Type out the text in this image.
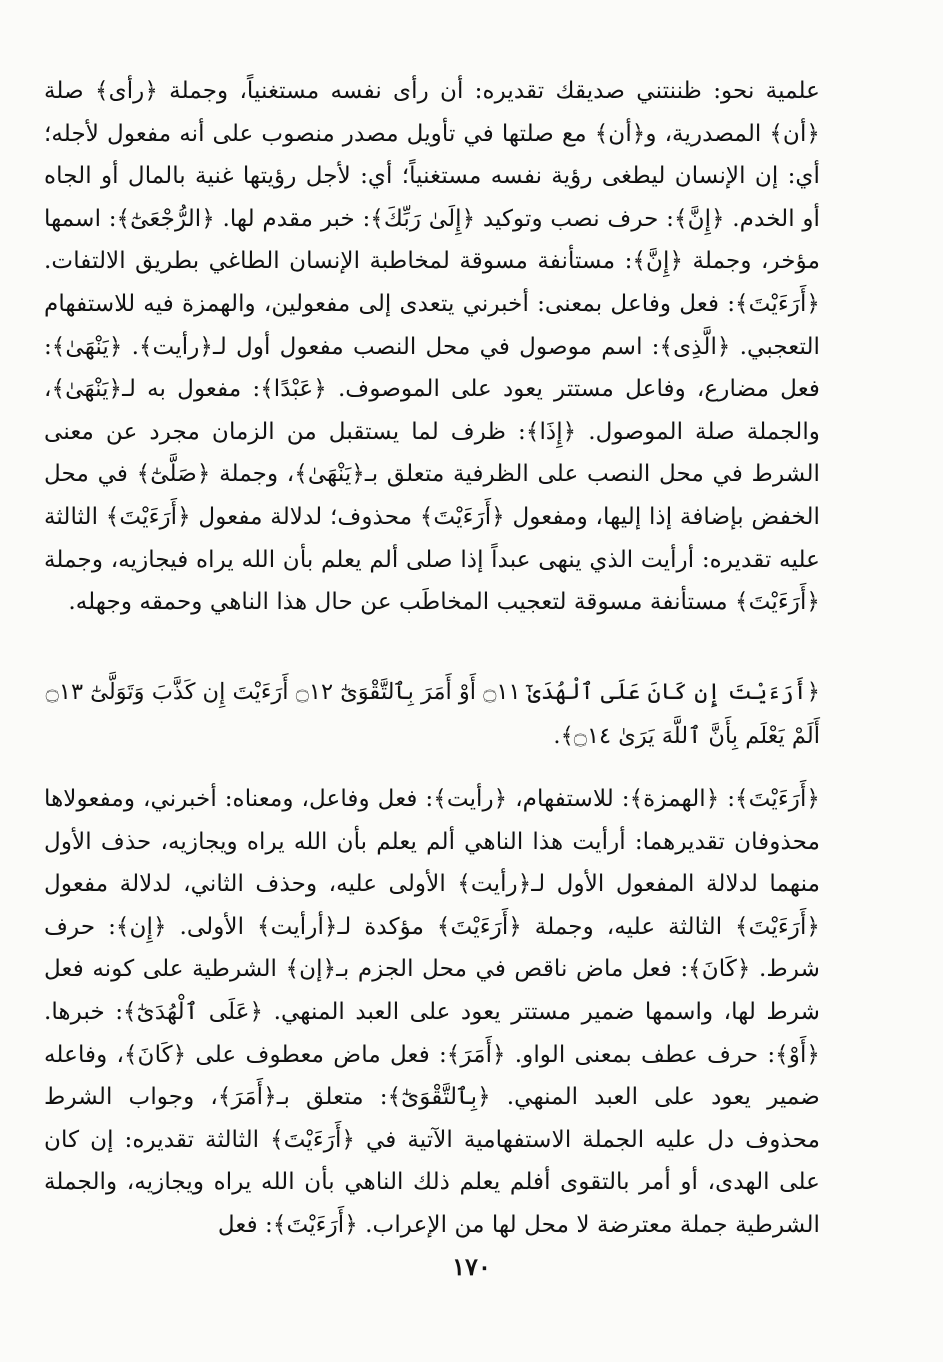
علمية نحو: ظننتني صديقك تقديره: أن رأى نفسه مستغنياً، وجملة ﴿رأى﴾ صلة ﴿أن﴾ المصدرية، و﴿أن﴾ مع صلتها في تأويل مصدر منصوب على أنه مفعول لأجله؛ أي: إن الإنسان ليطغى رؤية نفسه مستغنياً؛ أي: لأجل رؤيتها غنية بالمال أو الجاه أو الخدم. ﴿إِنَّ﴾: حرف نصب وتوكيد ﴿إِلَىٰ رَبِّكَ﴾: خبر مقدم لها. ﴿الرُّجْعَىٰٓ﴾: اسمها مؤخر، وجملة ﴿إِنَّ﴾: مستأنفة مسوقة لمخاطبة الإنسان الطاغي بطريق الالتفات. ﴿أَرَءَيْتَ﴾: فعل وفاعل بمعنى: أخبرني يتعدى إلى مفعولين، والهمزة فيه للاستفهام التعجبي. ﴿الَّذِى﴾: اسم موصول في محل النصب مفعول أول لـ﴿رأيت﴾. ﴿يَنْهَىٰ﴾: فعل مضارع، وفاعل مستتر يعود على الموصوف. ﴿عَبْدًا﴾: مفعول به لـ﴿يَنْهَىٰ﴾، والجملة صلة الموصول. ﴿إِذَا﴾: ظرف لما يستقبل من الزمان مجرد عن معنى الشرط في محل النصب على الظرفية متعلق بـ﴿يَنْهَىٰ﴾، وجملة ﴿صَلَّىٰٓ﴾ في محل الخفض بإضافة إذا إليها، ومفعول ﴿أَرَءَيْتَ﴾ محذوف؛ لدلالة مفعول ﴿أَرَءَيْتَ﴾ الثالثة عليه تقديره: أرأيت الذي ينهى عبداً إذا صلى ألم يعلم بأن الله يراه فيجازيه، وجملة ﴿أَرَءَيْتَ﴾ مستأنفة مسوقة لتعجيب المخاطَب عن حال هذا الناهي وحمقه وجهله.

﴿أَرَءَيْتَ إِن كَانَ عَلَى ٱلْهُدَىٰٓ ۝١١ أَوْ أَمَرَ بِٱلتَّقْوَىٰٓ ۝١٢ أَرَءَيْتَ إِن كَذَّبَ وَتَوَلَّىٰٓ ۝١٣ أَلَمْ يَعْلَم بِأَنَّ ٱللَّهَ يَرَىٰ ۝١٤﴾.

﴿أَرَءَيْتَ﴾: ﴿الهمزة﴾: للاستفهام، ﴿رأيت﴾: فعل وفاعل، ومعناه: أخبرني، ومفعولاها محذوفان تقديرهما: أرأيت هذا الناهي ألم يعلم بأن الله يراه ويجازيه، حذف الأول منهما لدلالة المفعول الأول لـ﴿رأيت﴾ الأولى عليه، وحذف الثاني، لدلالة مفعول ﴿أَرَءَيْتَ﴾ الثالثة عليه، وجملة ﴿أَرَءَيْتَ﴾ مؤكدة لـ﴿أرأيت﴾ الأولى. ﴿إِن﴾: حرف شرط. ﴿كَانَ﴾: فعل ماض ناقص في محل الجزم بـ﴿إن﴾ الشرطية على كونه فعل شرط لها، واسمها ضمير مستتر يعود على العبد المنهي. ﴿عَلَى ٱلْهُدَىٰٓ﴾: خبرها. ﴿أَوْ﴾: حرف عطف بمعنى الواو. ﴿أَمَرَ﴾: فعل ماض معطوف على ﴿كَانَ﴾، وفاعله ضمير يعود على العبد المنهي. ﴿بِٱلتَّقْوَىٰٓ﴾: متعلق بـ﴿أَمَرَ﴾، وجواب الشرط محذوف دل عليه الجملة الاستفهامية الآتية في ﴿أَرَءَيْتَ﴾ الثالثة تقديره: إن كان على الهدى، أو أمر بالتقوى أفلم يعلم ذلك الناهي بأن الله يراه ويجازيه، والجملة الشرطية جملة معترضة لا محل لها من الإعراب. ﴿أَرَءَيْتَ﴾: فعل

١٧٠
